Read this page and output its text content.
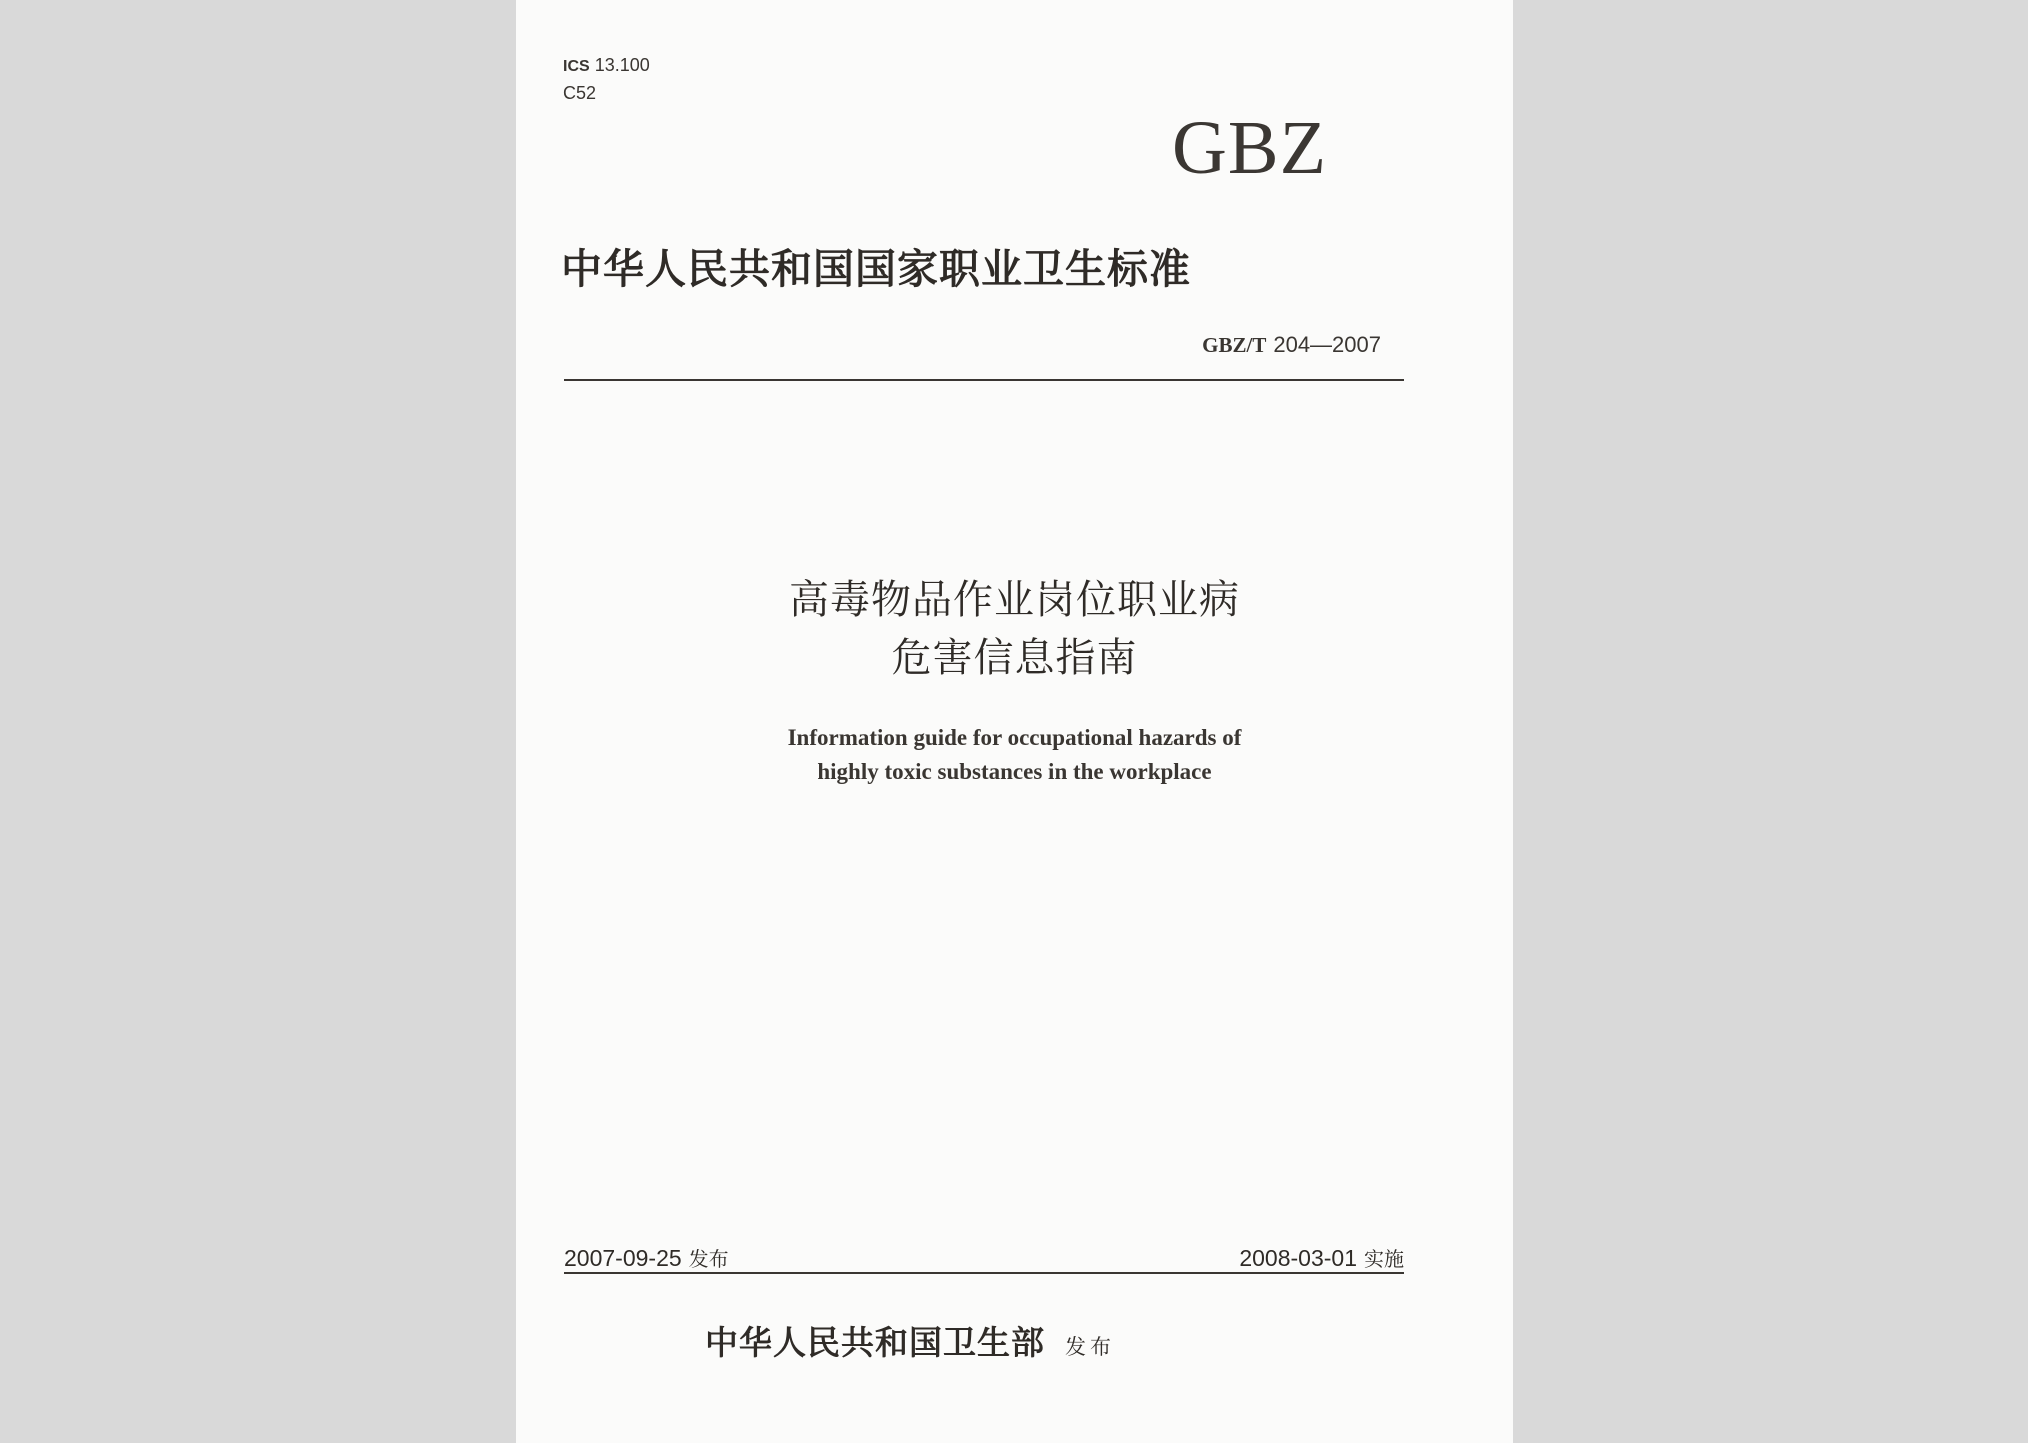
ICS 13.100
C52
GBZ
中华人民共和国国家职业卫生标准
GBZ/T 204—2007
高毒物品作业岗位职业病
危害信息指南
Information guide for occupational hazards of
highly toxic substances in the workplace
2007-09-25 发布	2008-03-01 实施
中华人民共和国卫生部 发布
